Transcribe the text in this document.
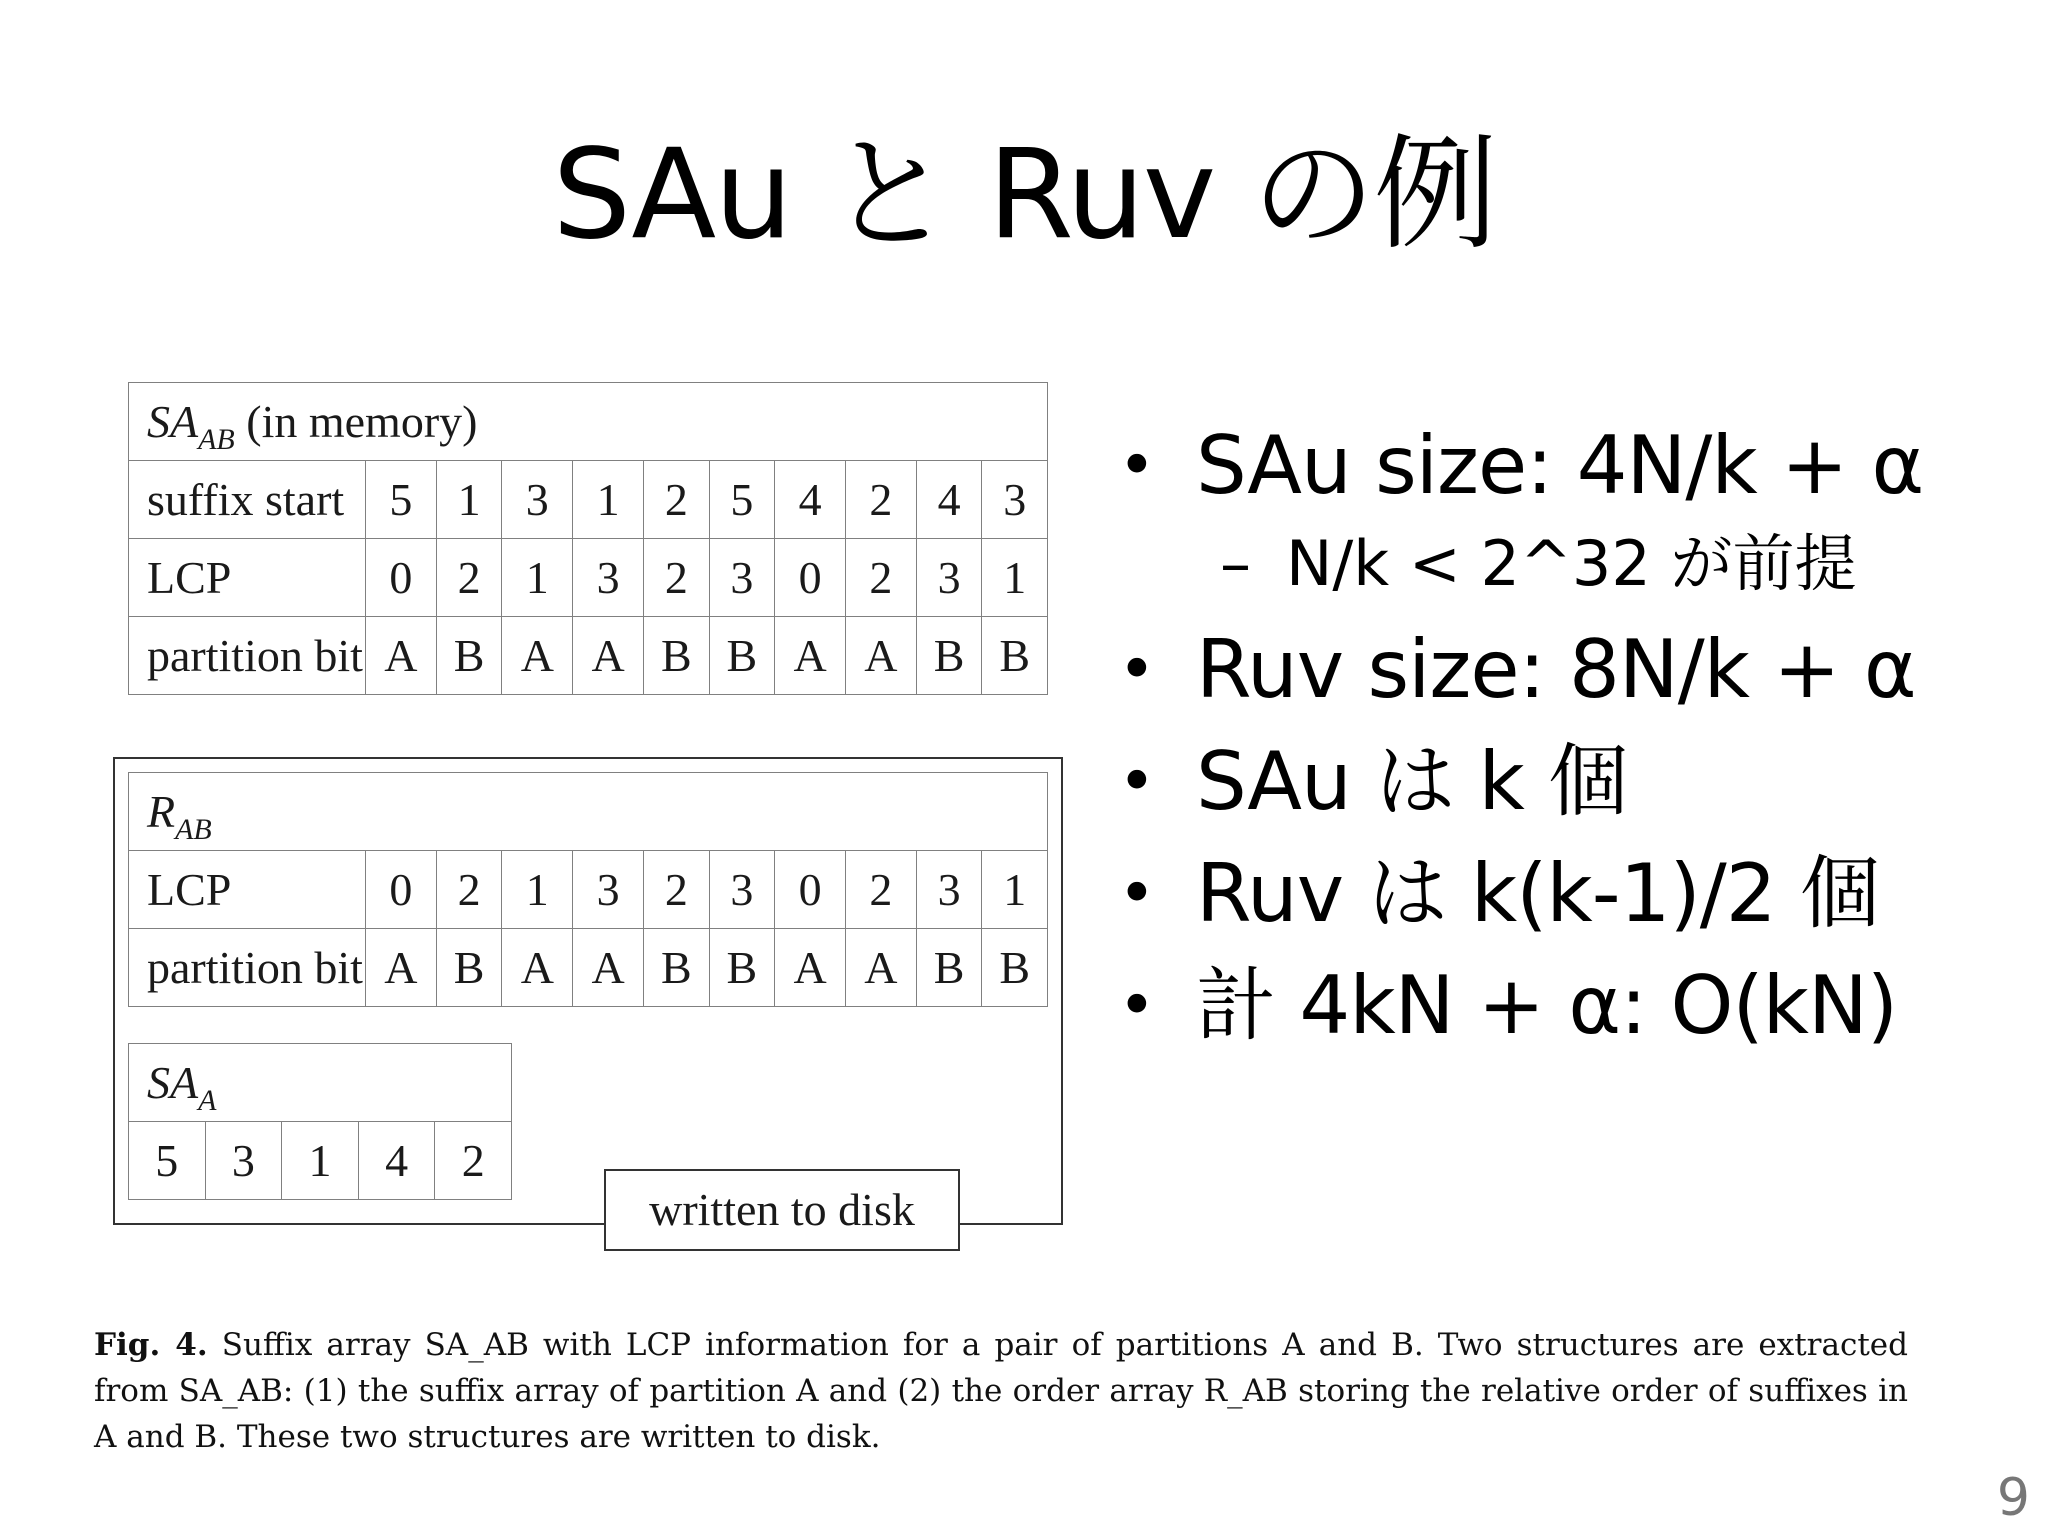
SAu と Ruv の例
$SA_{AB}$ (in memory)										
suffix start	5	1	3	1	2	5	4	2	4	3
LCP	0	2	1	3	2	3	0	2	3	1
partition bit	A	B	A	A	B	B	A	A	B	B
$R_{AB}$
LCP	0	2	1	3	2	3	0	2	3	1
partition bit	A	B	A	A	B	B	A	A	B	B
$SA_A$
5	3	1	4	2
written to disk
• SAu size: 4N/k + α
– N/k < 2^32 が前提
• Ruv size: 8N/k + α
• SAu は k 個
• Ruv は k(k-1)/2 個
• 計 4kN + α: O(kN)
Fig. 4. Suffix array SA_AB with LCP information for a pair of partitions A and B. Two structures are extracted from SA_AB: (1) the suffix array of partition A and (2) the order array R_AB storing the relative order of suffixes in A and B. These two structures are written to disk.
9
